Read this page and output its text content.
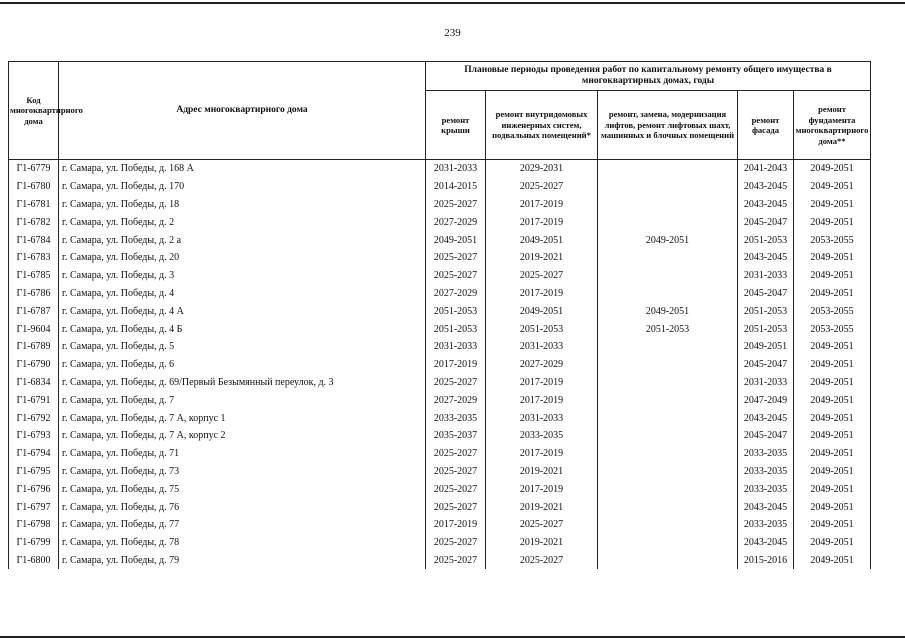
239
Код многоквартирного дома	Адрес многоквартирного дома	Плановые периоды проведения работ по капитальному ремонту общего имущества в многоквартирных домах, годы				
		ремонт крыши	ремонт внутридомовых инженерных систем, подвальных помещений*	ремонт, замена, модернизация лифтов, ремонт лифтовых шахт, машинных и блочных помещений	ремонт фасада	ремонт фундамента многоквартирного дома**
Г1-6779	г. Самара, ул. Победы, д. 168 А	2031-2033	2029-2031		2041-2043	2049-2051
Г1-6780	г. Самара, ул. Победы, д. 170	2014-2015	2025-2027		2043-2045	2049-2051
Г1-6781	г. Самара, ул. Победы, д. 18	2025-2027	2017-2019		2043-2045	2049-2051
Г1-6782	г. Самара, ул. Победы, д. 2	2027-2029	2017-2019		2045-2047	2049-2051
Г1-6784	г. Самара, ул. Победы, д. 2 а	2049-2051	2049-2051	2049-2051	2051-2053	2053-2055
Г1-6783	г. Самара, ул. Победы, д. 20	2025-2027	2019-2021		2043-2045	2049-2051
Г1-6785	г. Самара, ул. Победы, д. 3	2025-2027	2025-2027		2031-2033	2049-2051
Г1-6786	г. Самара, ул. Победы, д. 4	2027-2029	2017-2019		2045-2047	2049-2051
Г1-6787	г. Самара, ул. Победы, д. 4 А	2051-2053	2049-2051	2049-2051	2051-2053	2053-2055
Г1-9604	г. Самара, ул. Победы, д. 4 Б	2051-2053	2051-2053	2051-2053	2051-2053	2053-2055
Г1-6789	г. Самара, ул. Победы, д. 5	2031-2033	2031-2033		2049-2051	2049-2051
Г1-6790	г. Самара, ул. Победы, д. 6	2017-2019	2027-2029		2045-2047	2049-2051
Г1-6834	г. Самара, ул. Победы, д. 69/Первый Безымянный переулок, д. 3	2025-2027	2017-2019		2031-2033	2049-2051
Г1-6791	г. Самара, ул. Победы, д. 7	2027-2029	2017-2019		2047-2049	2049-2051
Г1-6792	г. Самара, ул. Победы, д. 7 А, корпус 1	2033-2035	2031-2033		2043-2045	2049-2051
Г1-6793	г. Самара, ул. Победы, д. 7 А, корпус 2	2035-2037	2033-2035		2045-2047	2049-2051
Г1-6794	г. Самара, ул. Победы, д. 71	2025-2027	2017-2019		2033-2035	2049-2051
Г1-6795	г. Самара, ул. Победы, д. 73	2025-2027	2019-2021		2033-2035	2049-2051
Г1-6796	г. Самара, ул. Победы, д. 75	2025-2027	2017-2019		2033-2035	2049-2051
Г1-6797	г. Самара, ул. Победы, д. 76	2025-2027	2019-2021		2043-2045	2049-2051
Г1-6798	г. Самара, ул. Победы, д. 77	2017-2019	2025-2027		2033-2035	2049-2051
Г1-6799	г. Самара, ул. Победы, д. 78	2025-2027	2019-2021		2043-2045	2049-2051
Г1-6800	г. Самара, ул. Победы, д. 79	2025-2027	2025-2027		2015-2016	2049-2051
